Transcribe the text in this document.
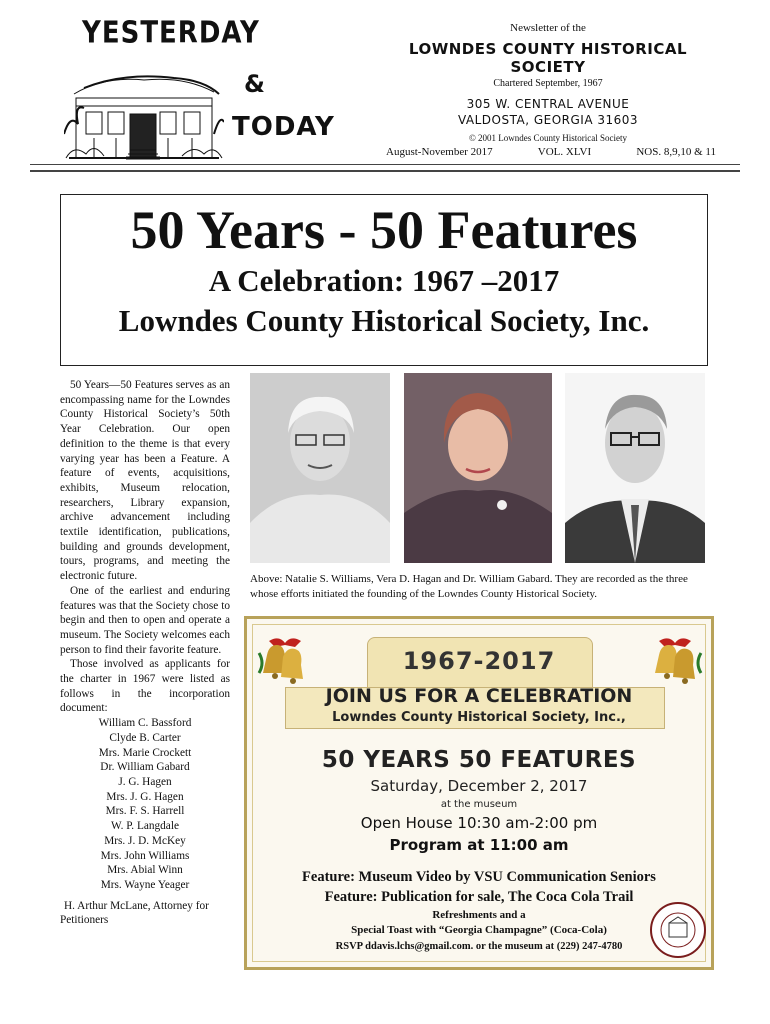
YESTERDAY
&
TODAY
Newsletter of the
LOWNDES COUNTY HISTORICAL SOCIETY
Chartered September, 1967
305 W. CENTRAL AVENUE
VALDOSTA, GEORGIA 31603
© 2001 Lowndes County Historical Society
August-November 2017	VOL. XLVI	NOS. 8,9,10 & 11
50 Years - 50 Features
A Celebration: 1967 –2017
Lowndes County Historical Society, Inc.

50 Years—50 Features serves as an encompassing name for the Lowndes County Historical Society’s 50th Year Celebration. Our open definition to the theme is that every varying year has been a Feature. A feature of events, acquisitions, exhibits, Museum relocation, researchers, Library expansion, archive advancement including textile identification, publications, building and grounds development, tours, programs, and meeting the electronic future.

One of the earliest and enduring features was that the Society chose to begin and then to open and operate a museum. The Society welcomes each person to find their favorite feature.

Those involved as applicants for the charter in 1967 were listed as follows in the incorporation document:

William C. Bassford
Clyde B. Carter
Mrs. Marie Crockett
Dr. William Gabard
J. G. Hagen
Mrs. J. G. Hagen
Mrs. F. S. Harrell
W. P. Langdale
Mrs. J. D. McKey
Mrs. John Williams
Mrs. Abial Winn
Mrs. Wayne Yeager

H. Arthur McLane, Attorney for Petitioners

Above: Natalie S. Williams, Vera D. Hagan and Dr. William Gabard. They are recorded as the three whose efforts initiated the founding of the Lowndes County Historical Society.
1967-2017
JOIN US FOR A CELEBRATION
Lowndes County Historical Society, Inc.,
50 YEARS 50 FEATURES
Saturday, December 2, 2017
at the museum
Open House 10:30 am-2:00 pm
Program at 11:00 am
Feature: Museum Video by VSU Communication Seniors
Feature: Publication for sale, The Coca Cola Trail
Refreshments and a
Special Toast with “Georgia Champagne” (Coca-Cola)
RSVP ddavis.lchs@gmail.com. or the museum at (229) 247-4780
